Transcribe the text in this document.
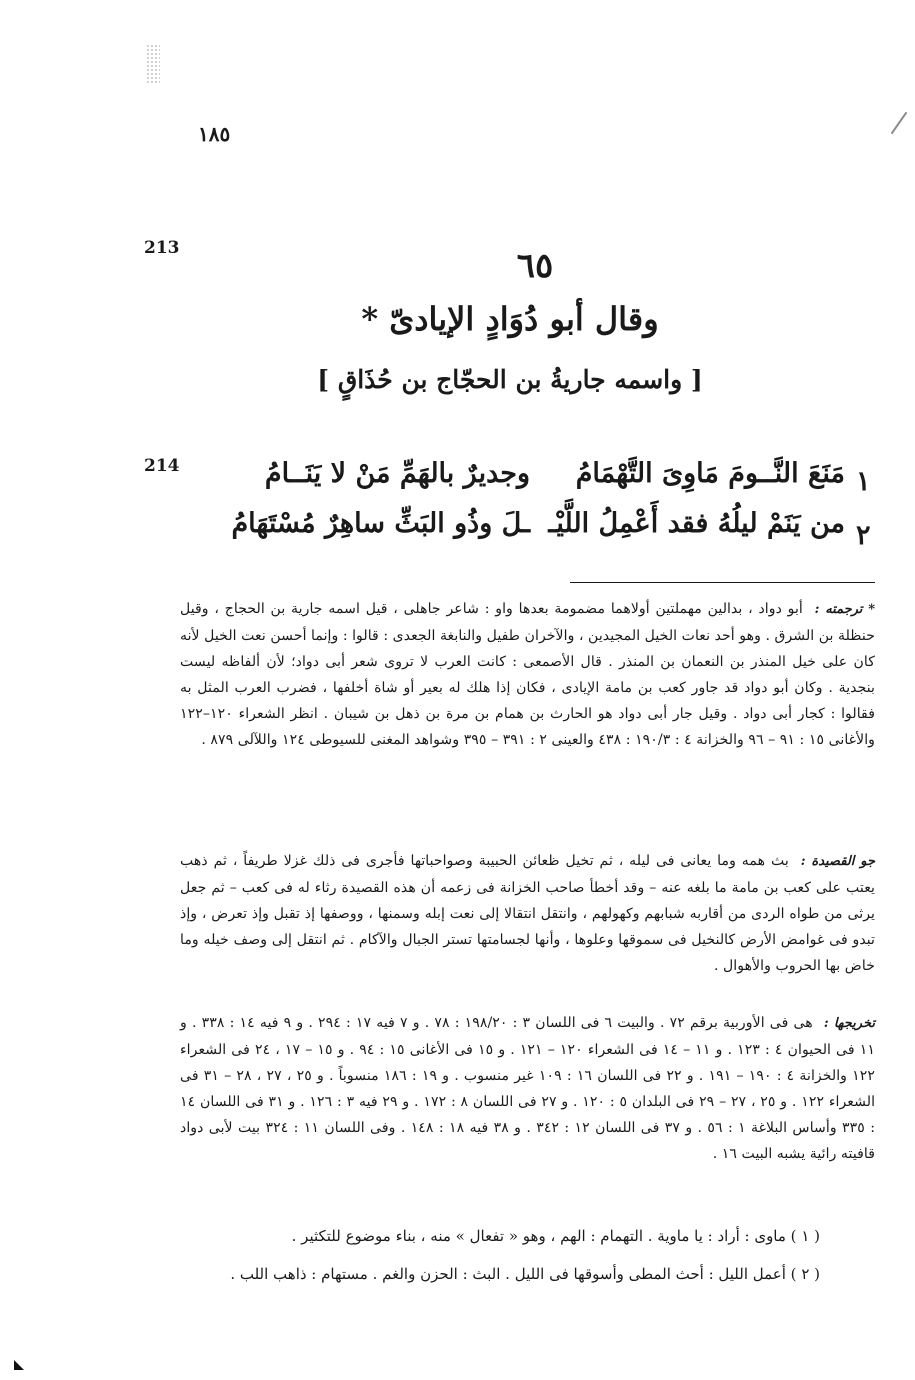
١٨٥
213	٦٥
وقال أبو دُوَادٍ الإيادىّ *
[ واسمه جاريةُ بن الحجّاج بن حُذَاقٍ ]
214	١
مَنَعَ النَّــومَ مَاوِىَ التَّهْمَامُ
وجديرٌ بالهَمِّ مَنْ لا يَنَــامُ
٢
من يَنَمْ ليلُهُ فقد أَعْمِلُ اللَّيْـ
ـلَ وذُو البَثِّ ساهِرٌ مُسْتَهَامُ
* ترجمته : أبو دواد ، بدالين مهملتين أولاهما مضمومة بعدها واو : شاعر جاهلى ، قيل اسمه جارية بن الحجاج ، وقيل حنظلة بن الشرق . وهو أحد نعات الخيل المجيدين ، والآخران طفيل والنابغة الجعدى : قالوا : وإنما أحسن نعت الخيل لأنه كان على خيل المنذر بن النعمان بن المنذر . قال الأصمعى : كانت العرب لا تروى شعر أبى دواد؛ لأن ألفاظه ليست بنجدية . وكان أبو دواد قد جاور كعب بن مامة الإيادى ، فكان إذا هلك له بعير أو شاة أخلفها ، فضرب العرب المثل به فقالوا : كجار أبى دواد . وقيل جار أبى دواد هو الحارث بن همام بن مرة بن ذهل بن شيبان . انظر الشعراء ١٢٠–١٢٢ والأغانى ١٥ : ٩١ – ٩٦ والخزانة ٤ : ١٩٠/٣ : ٤٣٨ والعينى ٢ : ٣٩١ – ٣٩٥ وشواهد المغنى للسيوطى ١٢٤ واللآلى ٨٧٩ .
جو القصيدة : بث همه وما يعانى فى ليله ، ثم تخيل ظعائن الحبيبة وصواحباتها فأجرى فى ذلك غزلا طريفاً ، ثم ذهب يعتب على كعب بن مامة ما بلغه عنه – وقد أخطأ صاحب الخزانة فى زعمه أن هذه القصيدة رثاء له فى كعب – ثم جعل يرثى من طواه الردى من أقاربه شبابهم وكهولهم ، وانتقل انتقالا إلى نعت إبله وسمنها ، ووصفها إذ تقبل وإذ تعرض ، وإذ تبدو فى غوامض الأرض كالنخيل فى سموقها وعلوها ، وأنها لجسامتها تستر الجبال والآكام . ثم انتقل إلى وصف خيله وما خاض بها الحروب والأهوال .
تخريجها : هى فى الأوربية برقم ٧٢ . والبيت ٦ فى اللسان ٣ : ١٩٨/٢٠ : ٧٨ . و ٧ فيه ١٧ : ٢٩٤ . و ٩ فيه ١٤ : ٣٣٨ . و ١١ فى الحيوان ٤ : ١٢٣ . و ١١ – ١٤ فى الشعراء ١٢٠ – ١٢١ . و ١٥ فى الأغانى ١٥ : ٩٤ . و ١٥ – ١٧ ، ٢٤ فى الشعراء ١٢٢ والخزانة ٤ : ١٩٠ – ١٩١ . و ٢٢ فى اللسان ١٦ : ١٠٩ غير منسوب . و ١٩ : ١٨٦ منسوباً . و ٢٥ ، ٢٧ ، ٢٨ – ٣١ فى الشعراء ١٢٢ . و ٢٥ ، ٢٧ – ٢٩ فى البلدان ٥ : ١٢٠ . و ٢٧ فى اللسان ٨ : ١٧٢ . و ٢٩ فيه ٣ : ١٢٦ . و ٣١ فى اللسان ١٤ : ٣٣٥ وأساس البلاغة ١ : ٥٦ . و ٣٧ فى اللسان ١٢ : ٣٤٢ . و ٣٨ فيه ١٨ : ١٤٨ . وفى اللسان ١١ : ٣٢٤ بيت لأبى دواد قافيته رائية يشبه البيت ١٦ .
( ١ ) ماوى : أراد : يا ماوية . التهمام : الهم ، وهو « تفعال » منه ، بناء موضوع للتكثير .
( ٢ ) أعمل الليل : أحث المطى وأسوقها فى الليل . البث : الحزن والغم . مستهام : ذاهب اللب .
